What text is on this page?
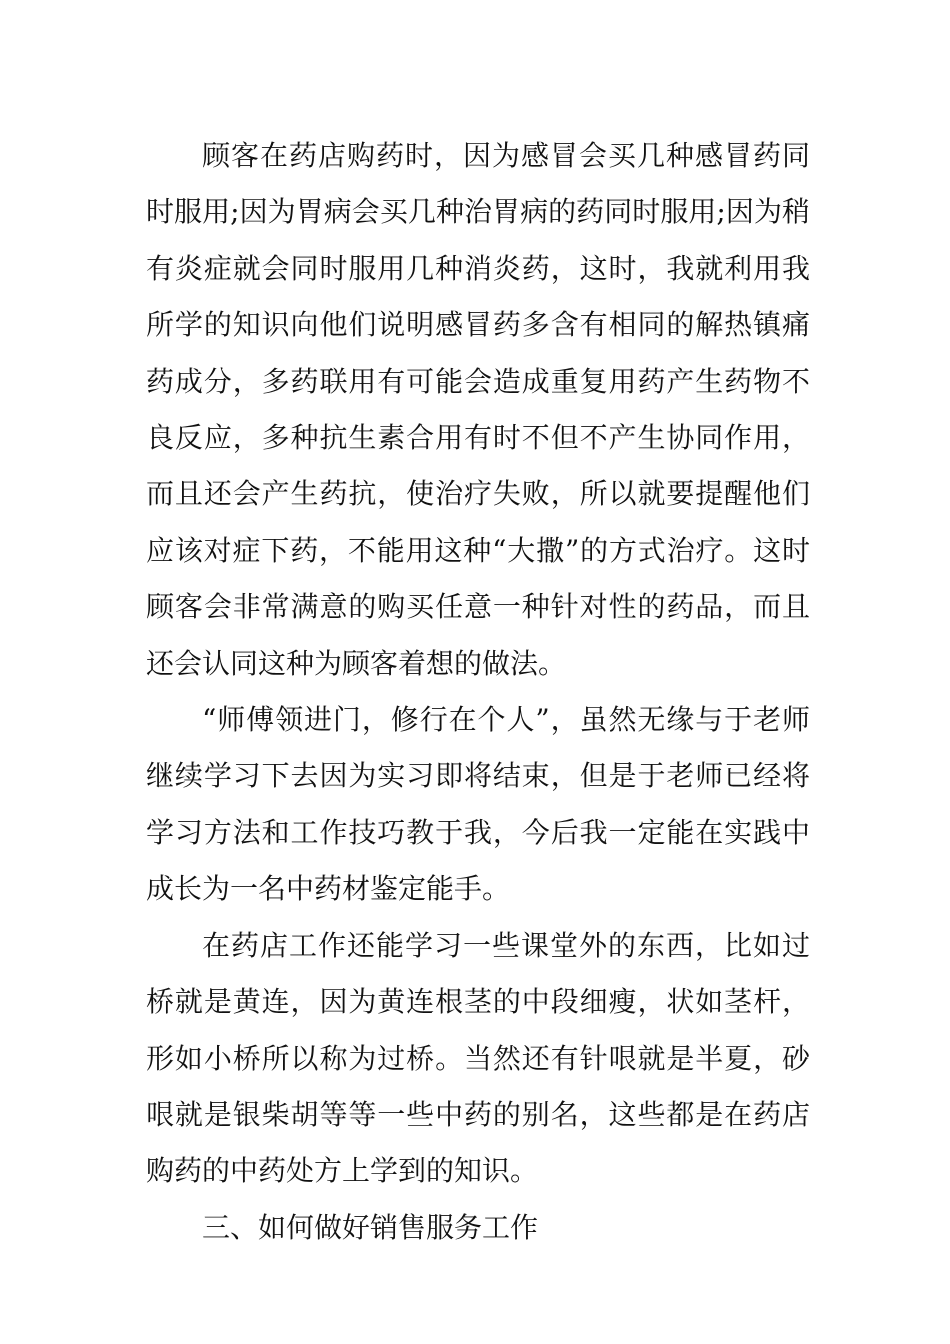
顾客在药店购药时，因为感冒会买几种感冒药同时服用;因为胃病会买几种治胃病的药同时服用;因为稍有炎症就会同时服用几种消炎药，这时，我就利用我所学的知识向他们说明感冒药多含有相同的解热镇痛药成分，多药联用有可能会造成重复用药产生药物不良反应，多种抗生素合用有时不但不产生协同作用，而且还会产生药抗，使治疗失败，所以就要提醒他们应该对症下药，不能用这种“大撒”的方式治疗。这时顾客会非常满意的购买任意一种针对性的药品，而且还会认同这种为顾客着想的做法。

“师傅领进门，修行在个人”，虽然无缘与于老师继续学习下去因为实习即将结束，但是于老师已经将学习方法和工作技巧教于我，今后我一定能在实践中成长为一名中药材鉴定能手。

在药店工作还能学习一些课堂外的东西，比如过桥就是黄连，因为黄连根茎的中段细瘦，状如茎杆，形如小桥所以称为过桥。当然还有针哏就是半夏，砂哏就是银柴胡等等一些中药的别名，这些都是在药店购药的中药处方上学到的知识。

三、如何做好销售服务工作
